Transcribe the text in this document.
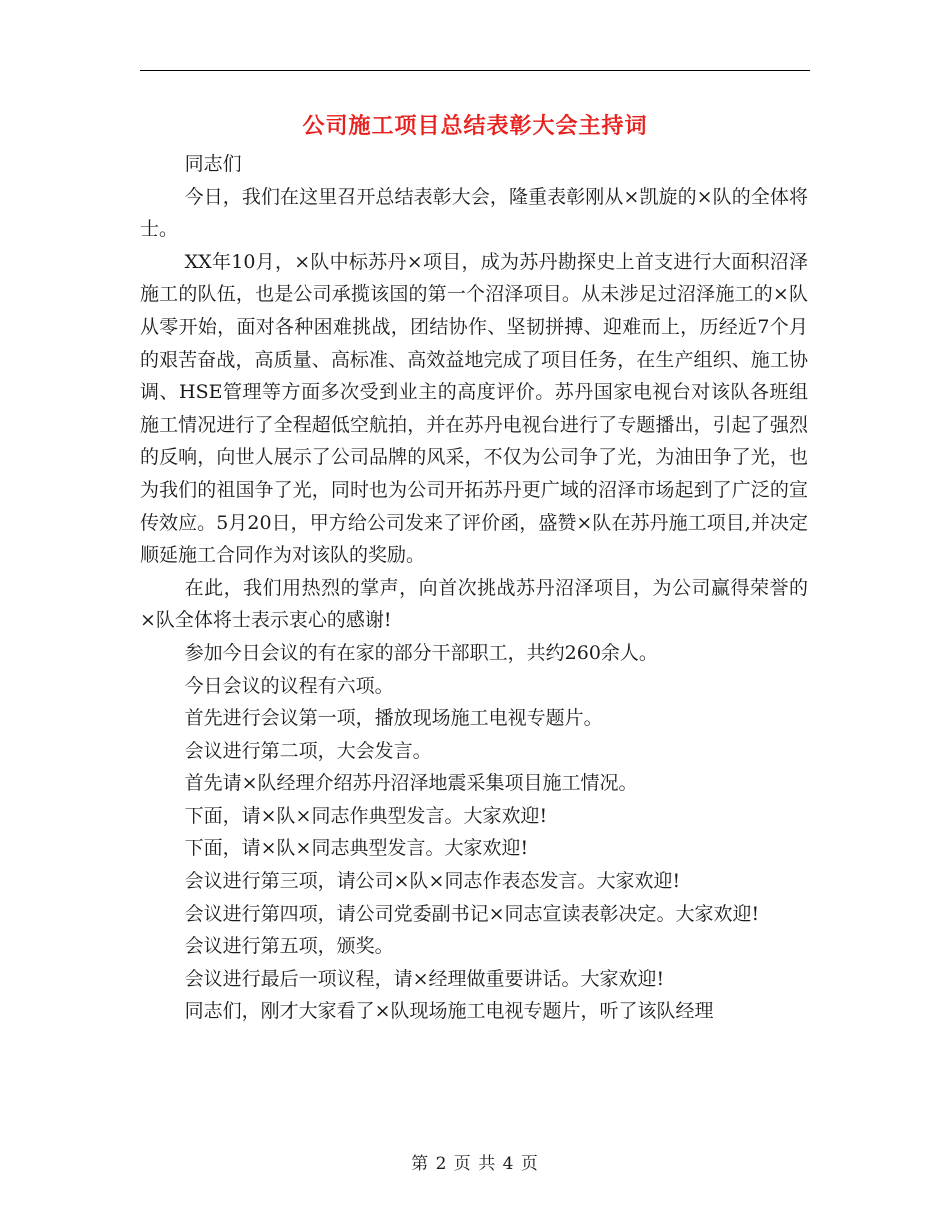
公司施工项目总结表彰大会主持词

同志们

今日，我们在这里召开总结表彰大会，隆重表彰刚从×凯旋的×队的全体将士。

XX年10月，×队中标苏丹×项目，成为苏丹勘探史上首支进行大面积沼泽施工的队伍，也是公司承揽该国的第一个沼泽项目。从未涉足过沼泽施工的×队从零开始，面对各种困难挑战，团结协作、坚韧拼搏、迎难而上，历经近7个月的艰苦奋战，高质量、高标准、高效益地完成了项目任务，在生产组织、施工协调、HSE管理等方面多次受到业主的高度评价。苏丹国家电视台对该队各班组施工情况进行了全程超低空航拍，并在苏丹电视台进行了专题播出，引起了强烈的反响，向世人展示了公司品牌的风采，不仅为公司争了光，为油田争了光，也为我们的祖国争了光，同时也为公司开拓苏丹更广域的沼泽市场起到了广泛的宣传效应。5月20日，甲方给公司发来了评价函，盛赞×队在苏丹施工项目,并决定顺延施工合同作为对该队的奖励。

在此，我们用热烈的掌声，向首次挑战苏丹沼泽项目，为公司赢得荣誉的×队全体将士表示衷心的感谢!

参加今日会议的有在家的部分干部职工，共约260余人。

今日会议的议程有六项。

首先进行会议第一项，播放现场施工电视专题片。

会议进行第二项，大会发言。

首先请×队经理介绍苏丹沼泽地震采集项目施工情况。

下面，请×队×同志作典型发言。大家欢迎!

下面，请×队×同志典型发言。大家欢迎!

会议进行第三项，请公司×队×同志作表态发言。大家欢迎!

会议进行第四项，请公司党委副书记×同志宣读表彰决定。大家欢迎!

会议进行第五项，颁奖。

会议进行最后一项议程，请×经理做重要讲话。大家欢迎!

同志们，刚才大家看了×队现场施工电视专题片，听了该队经理

第 2 页 共 4 页
